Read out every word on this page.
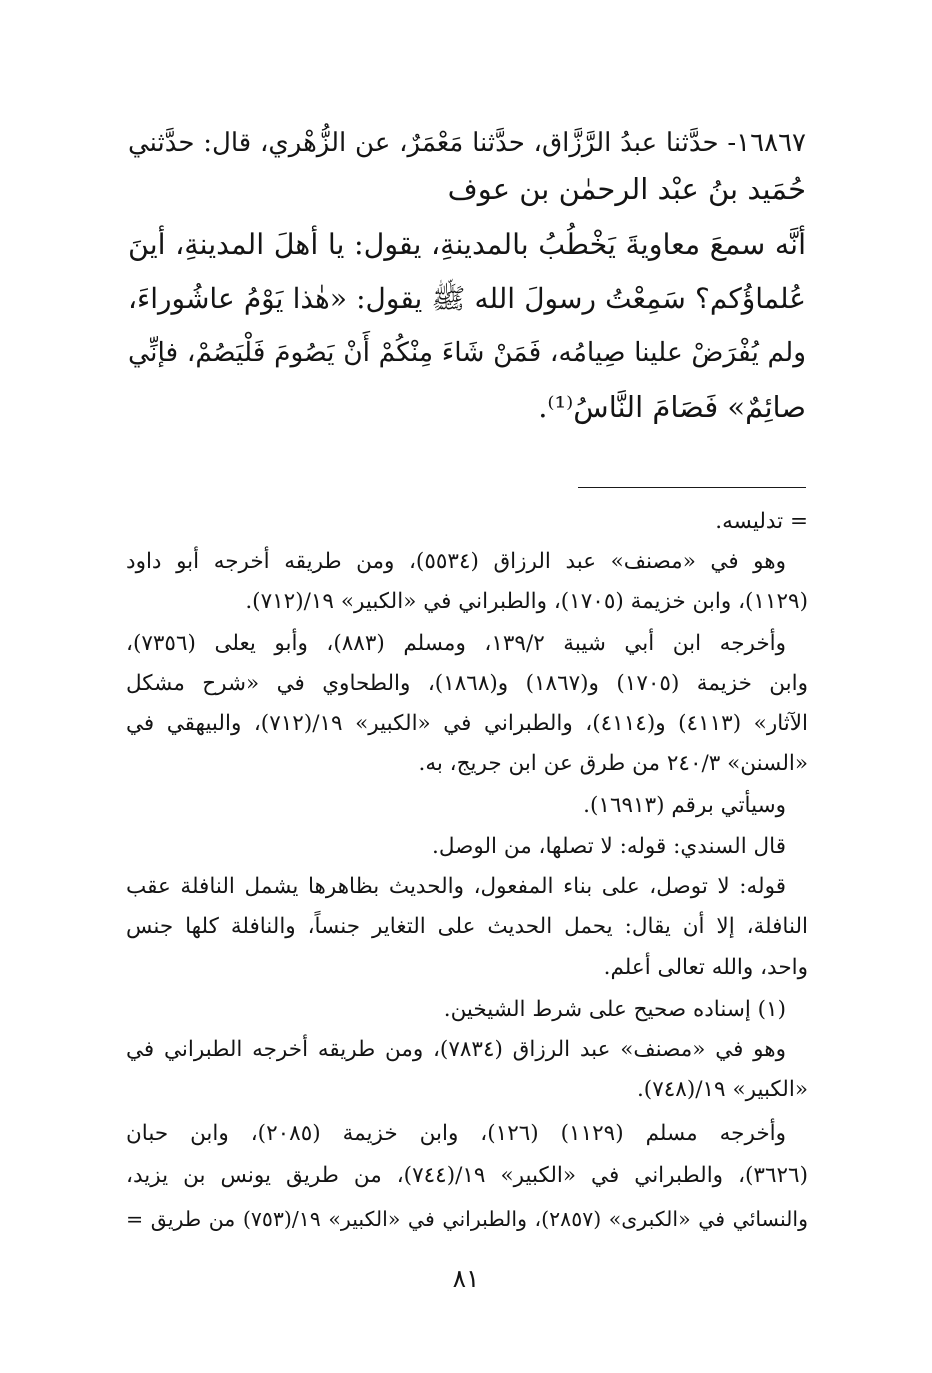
١٦٨٦٧- حدَّثنا عبدُ الرَّزَّاق، حدَّثنا مَعْمَرٌ، عن الزُّهْري، قال: حدَّثني
حُمَيد بنُ عبْد الرحمٰن بن عوف
أنَّه سمعَ معاويةَ يَخْطُبُ بالمدينةِ، يقول: يا أهلَ المدينةِ، أينَ
عُلماؤُكم؟ سَمِعْتُ رسولَ الله ﷺ يقول: «هٰذا يَوْمُ عاشُوراءَ،
ولم يُفْرَضْ علينا صِيامُه، فَمَنْ شَاءَ مِنْكُمْ أَنْ يَصُومَ فَلْيَصُمْ، فإنِّي
صائِمٌ» فَصَامَ النَّاسُ⁽¹⁾.
= تدليسه.
وهو في «مصنف» عبد الرزاق (٥٥٣٤)، ومن طريقه أخرجه أبو داود
(١١٢٩)، وابن خزيمة (١٧٠٥)، والطبراني في «الكبير» ١٩/(٧١٢).
وأخرجه ابن أبي شيبة ١٣٩/٢، ومسلم (٨٨٣)، وأبو يعلى (٧٣٥٦)،
وابن خزيمة (١٧٠٥) و(١٨٦٧) و(١٨٦٨)، والطحاوي في «شرح مشكل
الآثار» (٤١١٣) و(٤١١٤)، والطبراني في «الكبير» ١٩/(٧١٢)، والبيهقي في
«السنن» ٢٤٠/٣ من طرق عن ابن جريج، به.
وسيأتي برقم (١٦٩١٣).
قال السندي: قوله: لا تصلها، من الوصل.
قوله: لا توصل، على بناء المفعول، والحديث بظاهرها يشمل النافلة عقب
النافلة، إلا أن يقال: يحمل الحديث على التغاير جنساً، والنافلة كلها جنس
واحد، والله تعالى أعلم.
(١) إسناده صحيح على شرط الشيخين.
وهو في «مصنف» عبد الرزاق (٧٨٣٤)، ومن طريقه أخرجه الطبراني في
«الكبير» ١٩/(٧٤٨).
وأخرجه مسلم (١١٢٩) (١٢٦)، وابن خزيمة (٢٠٨٥)، وابن حبان
(٣٦٢٦)، والطبراني في «الكبير» ١٩/(٧٤٤)، من طريق يونس بن يزيد،
والنسائي في «الكبرى» (٢٨٥٧)، والطبراني في «الكبير» ١٩/(٧٥٣) من طريق =
٨١
